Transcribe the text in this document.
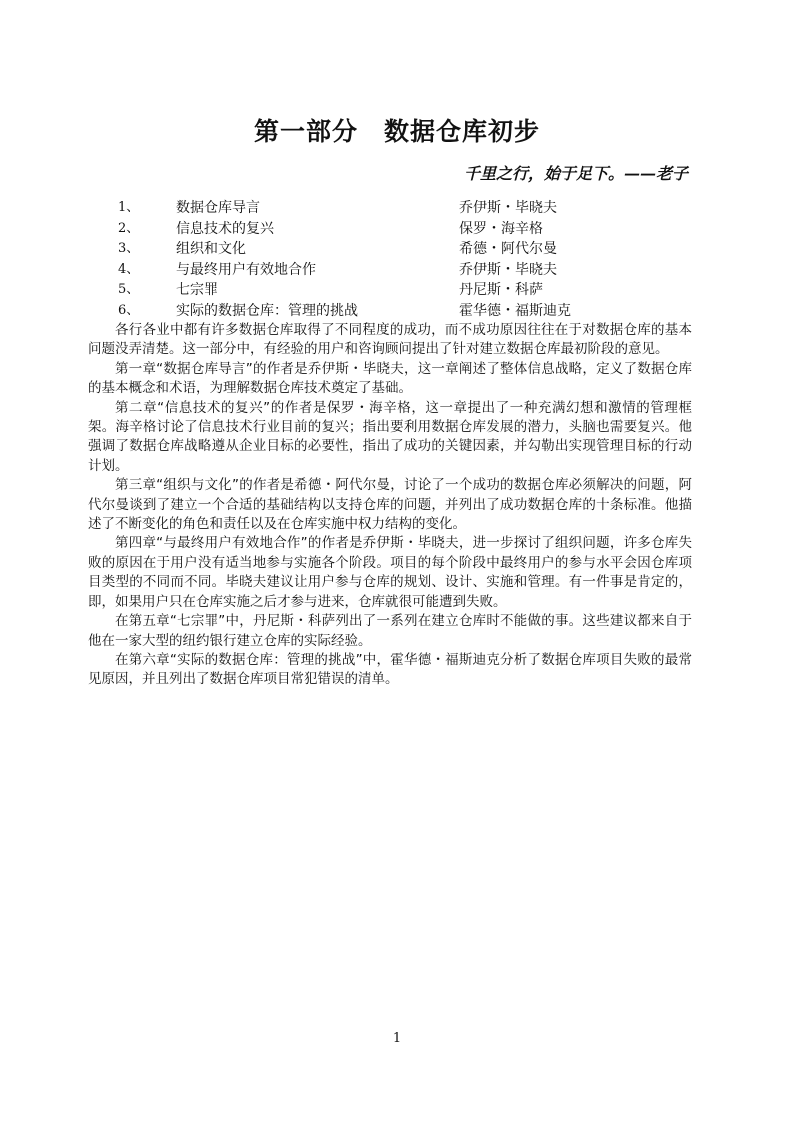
第一部分　数据仓库初步
千里之行，始于足下。——老子
1、	数据仓库导言	乔伊斯・毕晓夫
2、	信息技术的复兴	保罗・海辛格
3、	组织和文化	希德・阿代尔曼
4、	与最终用户有效地合作	乔伊斯・毕晓夫
5、	七宗罪	丹尼斯・科萨
6、	实际的数据仓库：管理的挑战	霍华德・福斯迪克

各行各业中都有许多数据仓库取得了不同程度的成功，而不成功原因往往在于对数据仓库的基本问题没弄清楚。这一部分中，有经验的用户和咨询顾问提出了针对建立数据仓库最初阶段的意见。

第一章“数据仓库导言”的作者是乔伊斯・毕晓夫，这一章阐述了整体信息战略，定义了数据仓库的基本概念和术语，为理解数据仓库技术奠定了基础。

第二章“信息技术的复兴”的作者是保罗・海辛格，这一章提出了一种充满幻想和激情的管理框架。海辛格讨论了信息技术行业目前的复兴；指出要利用数据仓库发展的潜力，头脑也需要复兴。他强调了数据仓库战略遵从企业目标的必要性，指出了成功的关键因素，并勾勒出实现管理目标的行动计划。

第三章“组织与文化”的作者是希德・阿代尔曼，讨论了一个成功的数据仓库必须解决的问题，阿代尔曼谈到了建立一个合适的基础结构以支持仓库的问题，并列出了成功数据仓库的十条标准。他描述了不断变化的角色和责任以及在仓库实施中权力结构的变化。

第四章“与最终用户有效地合作”的作者是乔伊斯・毕晓夫，进一步探讨了组织问题，许多仓库失败的原因在于用户没有适当地参与实施各个阶段。项目的每个阶段中最终用户的参与水平会因仓库项目类型的不同而不同。毕晓夫建议让用户参与仓库的规划、设计、实施和管理。有一件事是肯定的，即，如果用户只在仓库实施之后才参与进来，仓库就很可能遭到失败。

在第五章“七宗罪”中，丹尼斯・科萨列出了一系列在建立仓库时不能做的事。这些建议都来自于他在一家大型的纽约银行建立仓库的实际经验。

在第六章“实际的数据仓库：管理的挑战”中，霍华德・福斯迪克分析了数据仓库项目失败的最常见原因，并且列出了数据仓库项目常犯错误的清单。

1
